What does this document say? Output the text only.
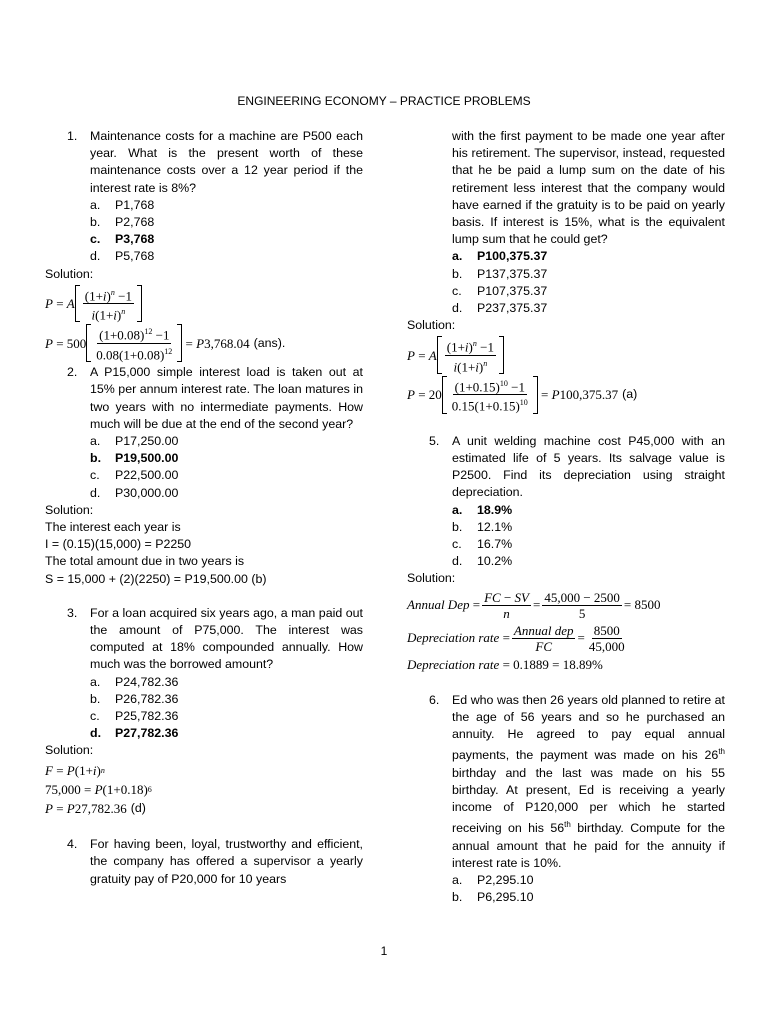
ENGINEERING ECONOMY – PRACTICE PROBLEMS
1. Maintenance costs for a machine are P500 each year. What is the present worth of these maintenance costs over a 12 year period if the interest rate is 8%?
a. P1,768
b. P2,768
c. P3,768
d. P5,768
Solution:
P = A $\frac{(1+i)^n -1}{i(1+i)^n}$
$P = 500 \frac{(1+0.08)^{12} -1}{0.08(1+0.08)^{12}} = P$ 3,768.04 (ans).
2. A P15,000 simple interest load is taken out at 15% per annum interest rate. The loan matures in two years with no intermediate payments. How much will be due at the end of the second year?
a. P17,250.00
b. P19,500.00
c. P22,500.00
d. P30,000.00
Solution:
The interest each year is
I = (0.15)(15,000) = P2250
The total amount due in two years is
S = 15,000 + (2)(2250) = P19,500.00 (b)
3. For a loan acquired six years ago, a man paid out the amount of P75,000. The interest was computed at 18% compounded annually. How much was the borrowed amount?
a. P24,782.36
b. P26,782.36
c. P25,782.36
d. P27,782.36
Solution:
F = P (1+ i ) n
75,000 = P (1+0.18) 6
P = P 27,782.36 (d)
4. For having been, loyal, trustworthy and efficient, the company has offered a supervisor a yearly gratuity pay of P20,000 for 10 years
with the first payment to be made one year after his retirement. The supervisor, instead, requested that he be paid a lump sum on the date of his retirement less interest that the company would have earned if the gratuity is to be paid on yearly basis. If interest is 15%, what is the equivalent lump sum that he could get?
a. P100,375.37
b. P137,375.37
c. P107,375.37
d. P237,375.37
Solution:
P = A $\frac{(1+i)^n -1}{i(1+i)^n}$
$P = 20 \frac{(1+0.15)^{10} -1}{0.15(1+0.15)^{10}} = P$ 100,375.37 (a)
5. A unit welding machine cost P45,000 with an estimated life of 5 years. Its salvage value is P2500. Find its depreciation using straight depreciation.
a. 18.9%
b. 12.1%
c. 16.7%
d. 10.2%
Solution:
Annual Dep = $\frac{FC - SV}{n} = \frac{45,000 - 2500}{5} = 8500$
Depreciation rate = $\frac{\text{Annual dep}}{FC} = \frac{8500}{45,000}$
Depreciation rate = 0.1889 = 18.89%
6. Ed who was then 26 years old planned to retire at the age of 56 years and so he purchased an annuity. He agreed to pay equal annual payments, the payment was made on his 26th birthday and the last was made on his 55 birthday. At present, Ed is receiving a yearly income of P120,000 per which he started receiving on his 56th birthday. Compute for the annual amount that he paid for the annuity if interest rate is 10%.
a. P2,295.10
b. P6,295.10
1
